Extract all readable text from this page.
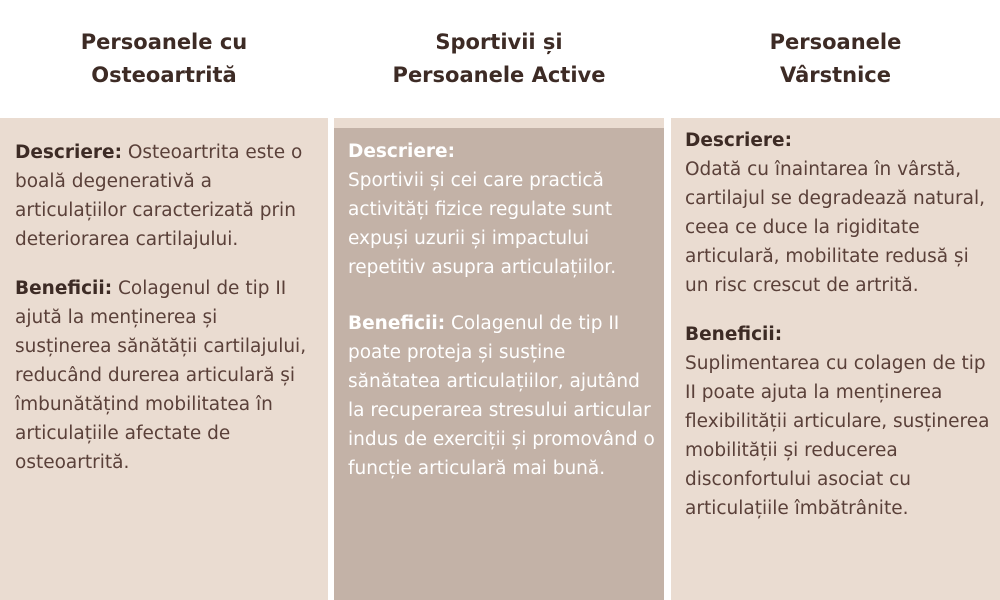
Persoanele cu
Osteoartrită

Descriere: Osteoartrita este o boală degenerativă a articulațiilor caracterizată prin deteriorarea cartilajului.

Beneficii: Colagenul de tip II ajută la menținerea și susținerea sănătății cartilajului, reducând durerea articulară și îmbunătățind mobilitatea în articulațiile afectate de osteoartrită.

Sportivii și
Persoanele Active

Descriere:
Sportivii și cei care practică activități fizice regulate sunt expuși uzurii și impactului repetitiv asupra articulațiilor.

Beneficii: Colagenul de tip II poate proteja și susține sănătatea articulațiilor, ajutând la recuperarea stresului articular indus de exerciții și promovând o funcție articulară mai bună.

Persoanele
Vârstnice

Descriere:
Odată cu înaintarea în vârstă, cartilajul se degradează natural, ceea ce duce la rigiditate articulară, mobilitate redusă și un risc crescut de artrită.

Beneficii:
Suplimentarea cu colagen de tip II poate ajuta la menținerea flexibilității articulare, susținerea mobilității și reducerea disconfortului asociat cu articulațiile îmbătrânite.
